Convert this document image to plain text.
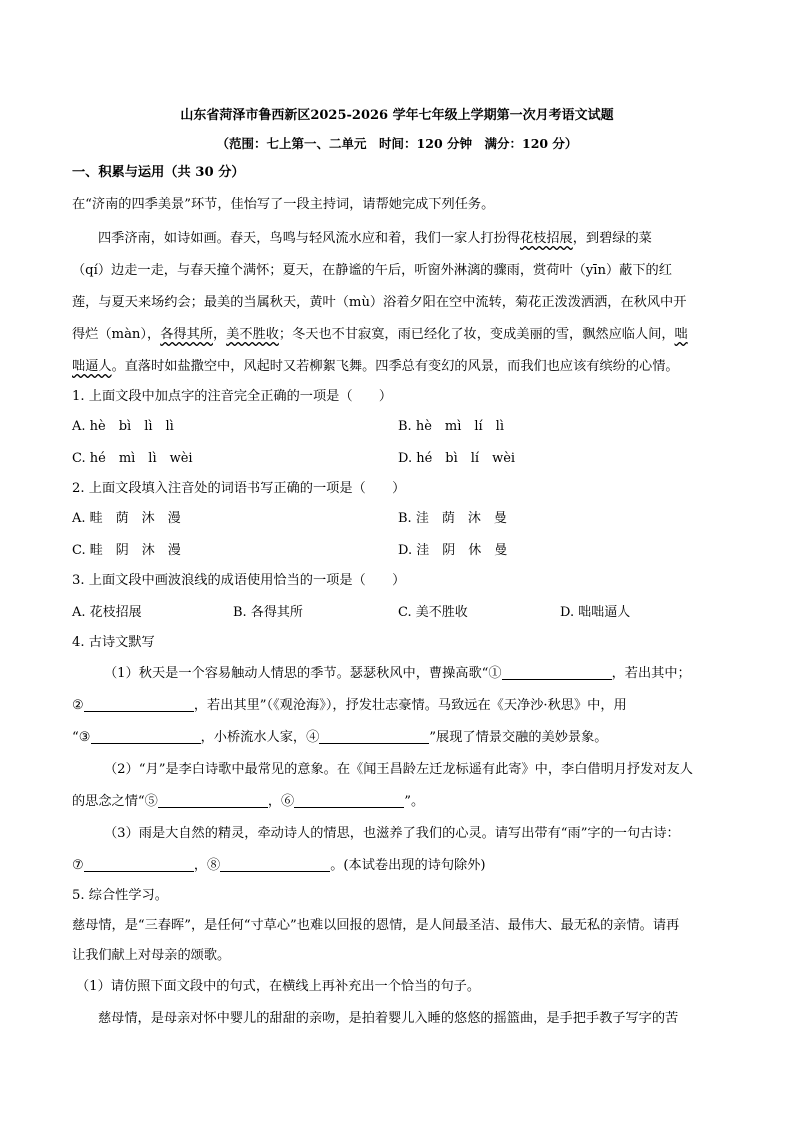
山东省菏泽市鲁西新区2025-2026 学年七年级上学期第一次月考语文试题
（范围：七上第一、二单元　时间：120 分钟　满分：120 分）
一、积累与运用（共 30 分）
在“济南的四季美景”环节，佳怡写了一段主持词，请帮她完成下列任务。
四季济南，如诗如画。春天，鸟鸣与轻风流水应和着，我们一家人打扮得花枝招展，到碧绿的菜
（qí）边走一走，与春天撞个满怀；夏天，在静谧的午后，听窗外淋漓的骤雨，赏荷叶（yīn）蔽下的红
莲，与夏天来场约会；最美的当属秋天，黄叶（mù）浴着夕阳在空中流转，菊花正泼泼洒洒，在秋风中开
得烂（màn），各得其所，美不胜收；冬天也不甘寂寞，雨已经化了妆，变成美丽的雪，飘然应临人间，咄
咄逼人。直落时如盐撒空中，风起时又若柳絮飞舞。四季总有变幻的风景，而我们也应该有缤纷的心情。
1. 上面文段中加点字的注音完全正确的一项是（　　）
A. hè　bì　lì　lì	B. hè　mì　lí　lì
C. hé　mì　lì　wèi	D. hé　bì　lí　wèi
2. 上面文段填入注音处的词语书写正确的一项是（　　）
A. 畦　荫　沐　漫	B. 洼　荫　沐　曼
C. 畦　阴　沐　漫	D. 洼　阴　休　曼
3. 上面文段中画波浪线的成语使用恰当的一项是（　　）
A. 花枝招展	B. 各得其所	C. 美不胜收	D. 咄咄逼人
4. 古诗文默写
（1）秋天是一个容易触动人情思的季节。瑟瑟秋风中，曹操高歌“①	，若出其中；
②	，若出其里”（《观沧海》），抒发壮志豪情。马致远在《天净沙·秋思》中，用
“③	，小桥流水人家，④	”展现了情景交融的美妙景象。
（2）“月”是李白诗歌中最常见的意象。在《闻王昌龄左迁龙标遥有此寄》中，李白借明月抒发对友人
的思念之情“⑤	，⑥	”。
（3）雨是大自然的精灵，牵动诗人的情思，也滋养了我们的心灵。请写出带有“雨”字的一句古诗：
⑦	，⑧	。(本试卷出现的诗句除外)
5. 综合性学习。
慈母情，是“三春晖”，是任何“寸草心”也难以回报的恩情，是人间最圣洁、最伟大、最无私的亲情。请再
让我们献上对母亲的颂歌。
（1）请仿照下面文段中的句式，在横线上再补充出一个恰当的句子。
慈母情，是母亲对怀中婴儿的甜甜的亲吻，是拍着婴儿入睡的悠悠的摇篮曲，是手把手教子写字的苦
